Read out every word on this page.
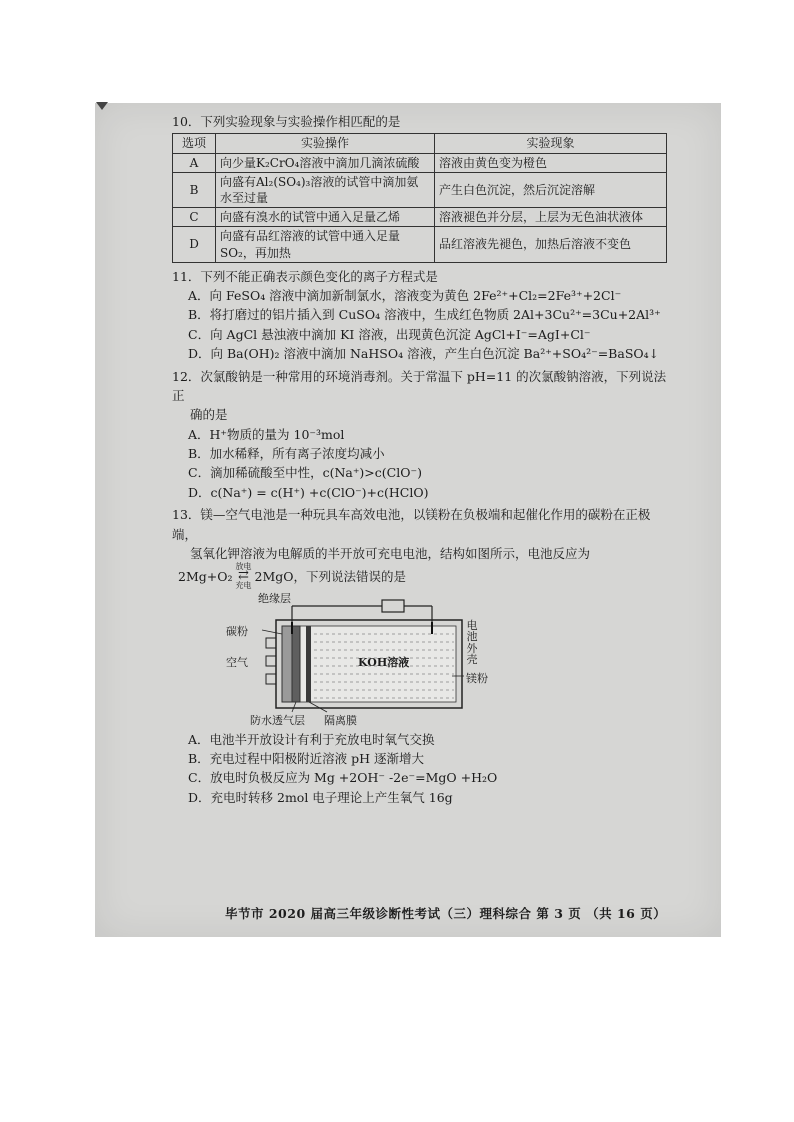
10．下列实验现象与实验操作相匹配的是
选项	实验操作	实验现象
A	向少量K₂CrO₄溶液中滴加几滴浓硫酸	溶液由黄色变为橙色
B	向盛有Al₂(SO₄)₃溶液的试管中滴加氨水至过量	产生白色沉淀，然后沉淀溶解
C	向盛有溴水的试管中通入足量乙烯	溶液褪色并分层，上层为无色油状液体
D	向盛有品红溶液的试管中通入足量SO₂，再加热	品红溶液先褪色，加热后溶液不变色
11．下列不能正确表示颜色变化的离子方程式是
A．向 FeSO₄ 溶液中滴加新制氯水，溶液变为黄色 2Fe²⁺+Cl₂=2Fe³⁺+2Cl⁻
B．将打磨过的铝片插入到 CuSO₄ 溶液中，生成红色物质 2Al+3Cu²⁺=3Cu+2Al³⁺
C．向 AgCl 悬浊液中滴加 KI 溶液，出现黄色沉淀 AgCl+I⁻=AgI+Cl⁻
D．向 Ba(OH)₂ 溶液中滴加 NaHSO₄ 溶液，产生白色沉淀 Ba²⁺+SO₄²⁻=BaSO₄↓
12．次氯酸钠是一种常用的环境消毒剂。关于常温下 pH=11 的次氯酸钠溶液，下列说法正
确的是
A．H⁺物质的量为 10⁻³mol
B．加水稀释，所有离子浓度均减小
C．滴加稀硫酸至中性，c(Na⁺)>c(ClO⁻)
D．c(Na⁺) = c(H⁺) +c(ClO⁻)+c(HClO)
13．镁—空气电池是一种玩具车高效电池，以镁粉在负极端和起催化作用的碳粉在正极端，
氢氧化钾溶液为电解质的半开放可充电电池，结构如图所示，电池反应为
2Mg+O₂
放电
⇄
充电
2MgO，下列说法错误的是
绝缘层
碳粉
空气	KOH溶液
电池外壳
镁粉
防水透气层 隔离膜
A．电池半开放设计有利于充放电时氧气交换
B．充电过程中阳极附近溶液 pH 逐渐增大
C．放电时负极反应为 Mg +2OH⁻ -2e⁻=MgO +H₂O
D．充电时转移 2mol 电子理论上产生氧气 16g
毕节市 2020 届高三年级诊断性考试（三）理科综合 第 3 页 （共 16 页）
